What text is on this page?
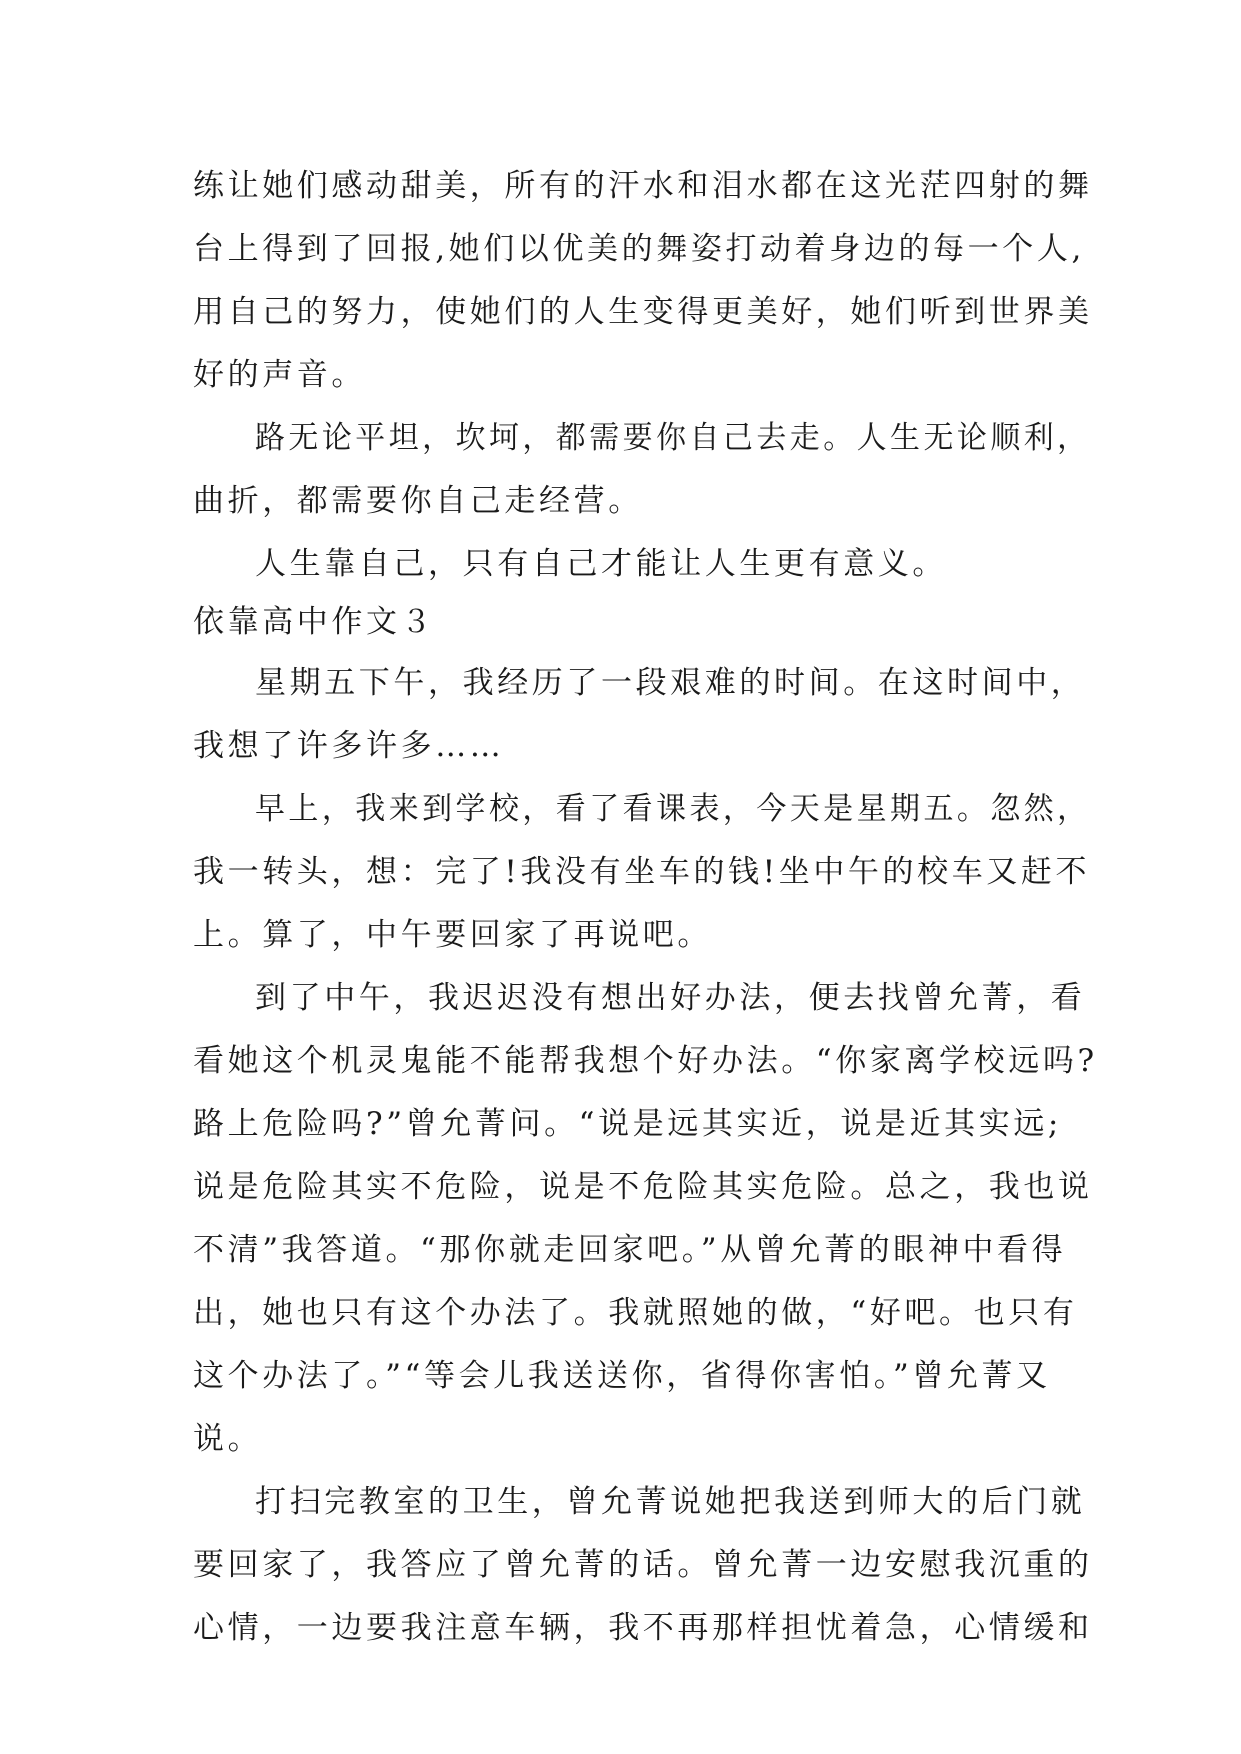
练让她们感动甜美，所有的汗水和泪水都在这光茫四射的舞
台上得到了回报,她们以优美的舞姿打动着身边的每一个人,
用自己的努力，使她们的人生变得更美好，她们听到世界美
好的声音。
路无论平坦，坎坷，都需要你自己去走。人生无论顺利，
曲折，都需要你自己走经营。
人生靠自己，只有自己才能让人生更有意义。
依靠高中作文３
星期五下午，我经历了一段艰难的时间。在这时间中，
我想了许多许多……
早上，我来到学校，看了看课表，今天是星期五。忽然，
我一转头，想：完了!我没有坐车的钱!坐中午的校车又赶不
上。算了，中午要回家了再说吧。
到了中午，我迟迟没有想出好办法，便去找曾允菁，看
看她这个机灵鬼能不能帮我想个好办法。“你家离学校远吗?
路上危险吗?”曾允菁问。“说是远其实近，说是近其实远;
说是危险其实不危险，说是不危险其实危险。总之，我也说
不清”我答道。“那你就走回家吧。”从曾允菁的眼神中看得
出，她也只有这个办法了。我就照她的做，“好吧。也只有
这个办法了。”“等会儿我送送你，省得你害怕。”曾允菁又
说。
打扫完教室的卫生，曾允菁说她把我送到师大的后门就
要回家了，我答应了曾允菁的话。曾允菁一边安慰我沉重的
心情，一边要我注意车辆，我不再那样担忧着急，心情缓和
